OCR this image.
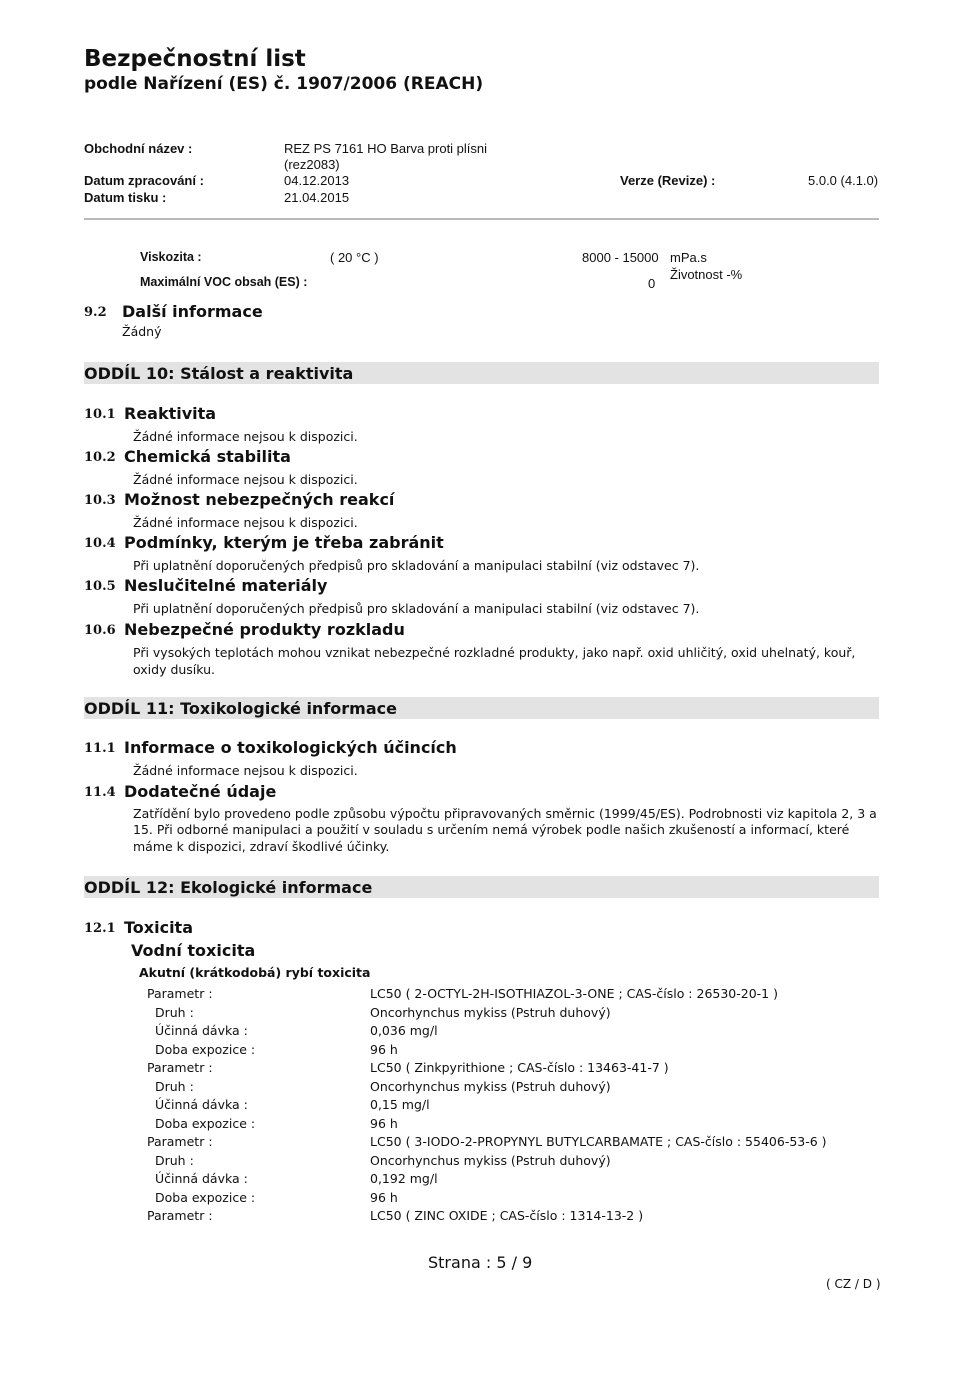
Bezpečnostní list
podle Nařízení (ES) č. 1907/2006 (REACH)
Obchodní název :	REZ PS 7161 HO Barva proti plísni
(rez2083)
Datum zpracování :	04.12.2013	Verze (Revize) :	5.0.0 (4.1.0)
Datum tisku :	21.04.2015
Viskozita :	( 20 °C )	8000 - 15000 mPa.s
Maximální VOC obsah (ES) :	0
Životnost -%
9.2 Další informace
Žádný
ODDÍL 10: Stálost a reaktivita
10.1 Reaktivita
Žádné informace nejsou k dispozici.
10.2 Chemická stabilita
Žádné informace nejsou k dispozici.
10.3 Možnost nebezpečných reakcí
Žádné informace nejsou k dispozici.
10.4 Podmínky, kterým je třeba zabránit
Při uplatnění doporučených předpisů pro skladování a manipulaci stabilní (viz odstavec 7).
10.5 Neslučitelné materiály
Při uplatnění doporučených předpisů pro skladování a manipulaci stabilní (viz odstavec 7).
10.6 Nebezpečné produkty rozkladu
Při vysokých teplotách mohou vznikat nebezpečné rozkladné produkty, jako např. oxid uhličitý, oxid uhelnatý, kouř,
oxidy dusíku.
ODDÍL 11: Toxikologické informace
11.1 Informace o toxikologických účincích
Žádné informace nejsou k dispozici.
11.4 Dodatečné údaje
Zatřídění bylo provedeno podle způsobu výpočtu připravovaných směrnic (1999/45/ES). Podrobnosti viz kapitola 2, 3 a
15. Při odborné manipulaci a použití v souladu s určením nemá výrobek podle našich zkušeností a informací, které
máme k dispozici, zdraví škodlivé účinky.
ODDÍL 12: Ekologické informace
12.1 Toxicita
Vodní toxicita
Akutní (krátkodobá) rybí toxicita
Parametr :	LC50 ( 2-OCTYL-2H-ISOTHIAZOL-3-ONE ; CAS-číslo : 26530-20-1 )
Druh :	Oncorhynchus mykiss (Pstruh duhový)
Účinná dávka :	0,036 mg/l
Doba expozice :	96 h
Parametr :	LC50 ( Zinkpyrithione ; CAS-číslo : 13463-41-7 )
Druh :	Oncorhynchus mykiss (Pstruh duhový)
Účinná dávka :	0,15 mg/l
Doba expozice :	96 h
Parametr :	LC50 ( 3-IODO-2-PROPYNYL BUTYLCARBAMATE ; CAS-číslo : 55406-53-6 )
Druh :	Oncorhynchus mykiss (Pstruh duhový)
Účinná dávka :	0,192 mg/l
Doba expozice :	96 h
Parametr :	LC50 ( ZINC OXIDE ; CAS-číslo : 1314-13-2 )
Strana : 5 / 9
( CZ / D )
